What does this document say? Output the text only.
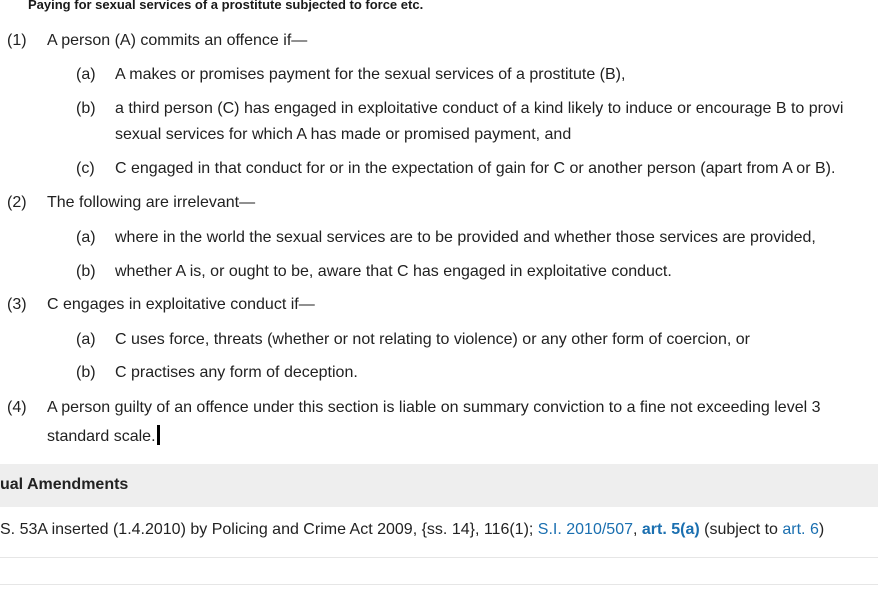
Paying for sexual services of a prostitute subjected to force etc.
(1) A person (A) commits an offence if—
(a) A makes or promises payment for the sexual services of a prostitute (B),
(b) a third person (C) has engaged in exploitative conduct of a kind likely to induce or encourage B to provi
sexual services for which A has made or promised payment, and
(c) C engaged in that conduct for or in the expectation of gain for C or another person (apart from A or B).
(2) The following are irrelevant—
(a) where in the world the sexual services are to be provided and whether those services are provided,
(b) whether A is, or ought to be, aware that C has engaged in exploitative conduct.
(3) C engages in exploitative conduct if—
(a) C uses force, threats (whether or not relating to violence) or any other form of coercion, or
(b) C practises any form of deception.
(4) A person guilty of an offence under this section is liable on summary conviction to a fine not exceeding level 3
standard scale.
ual Amendments
S. 53A inserted (1.4.2010) by Policing and Crime Act 2009, {ss. 14}, 116(1); S.I. 2010/507, art. 5(a) (subject to art. 6)
